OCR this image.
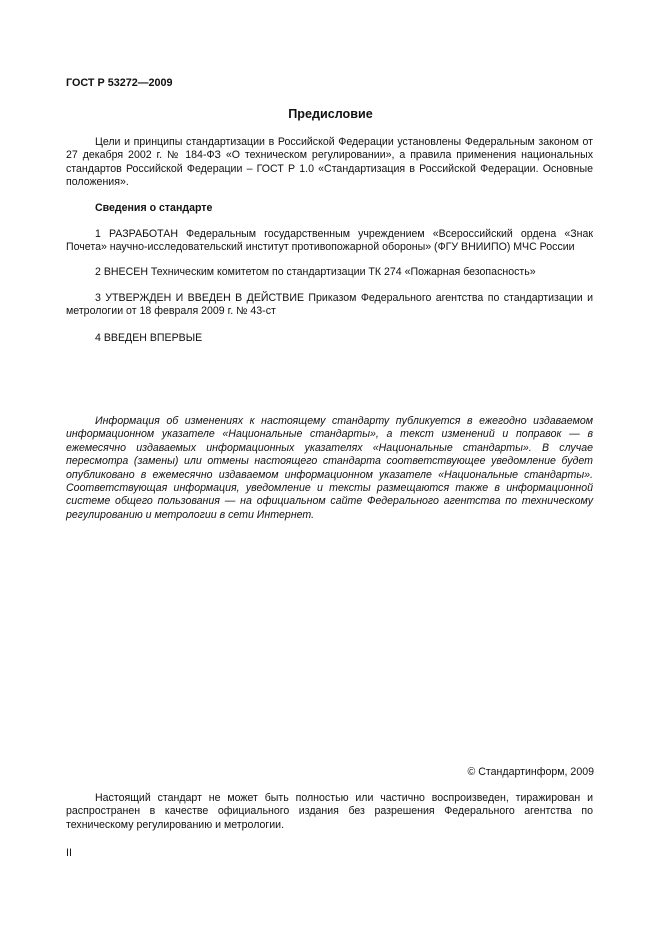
ГОСТ Р 53272—2009
Предисловие
Цели и принципы стандартизации в Российской Федерации установлены Федеральным законом от 27 декабря 2002 г. № 184-ФЗ «О техническом регулировании», а правила применения национальных стандартов Российской Федерации – ГОСТ Р 1.0 «Стандартизация в Российской Федерации. Основные положения».
Сведения о стандарте
1 РАЗРАБОТАН Федеральным государственным учреждением «Всероссийский ордена «Знак Почета» научно-исследовательский институт противопожарной обороны» (ФГУ ВНИИПО) МЧС России
2 ВНЕСЕН Техническим комитетом по стандартизации ТК 274 «Пожарная безопасность»
3 УТВЕРЖДЕН И ВВЕДЕН В ДЕЙСТВИЕ Приказом Федерального агентства по стандартизации и метрологии от 18 февраля 2009 г. № 43-ст
4 ВВЕДЕН ВПЕРВЫЕ
Информация об изменениях к настоящему стандарту публикуется в ежегодно издаваемом информационном указателе «Национальные стандарты», а текст изменений и поправок — в ежемесячно издаваемых информационных указателях «Национальные стандарты». В случае пересмотра (замены) или отмены настоящего стандарта соответствующее уведомление будет опубликовано в ежемесячно издаваемом информационном указателе «Национальные стандарты». Соответствующая информация, уведомление и тексты размещаются также в информационной системе общего пользования — на официальном сайте Федерального агентства по техническому регулированию и метрологии в сети Интернет.
© Стандартинформ, 2009
Настоящий стандарт не может быть полностью или частично воспроизведен, тиражирован и распространен в качестве официального издания без разрешения Федерального агентства по техническому регулированию и метрологии.
II
